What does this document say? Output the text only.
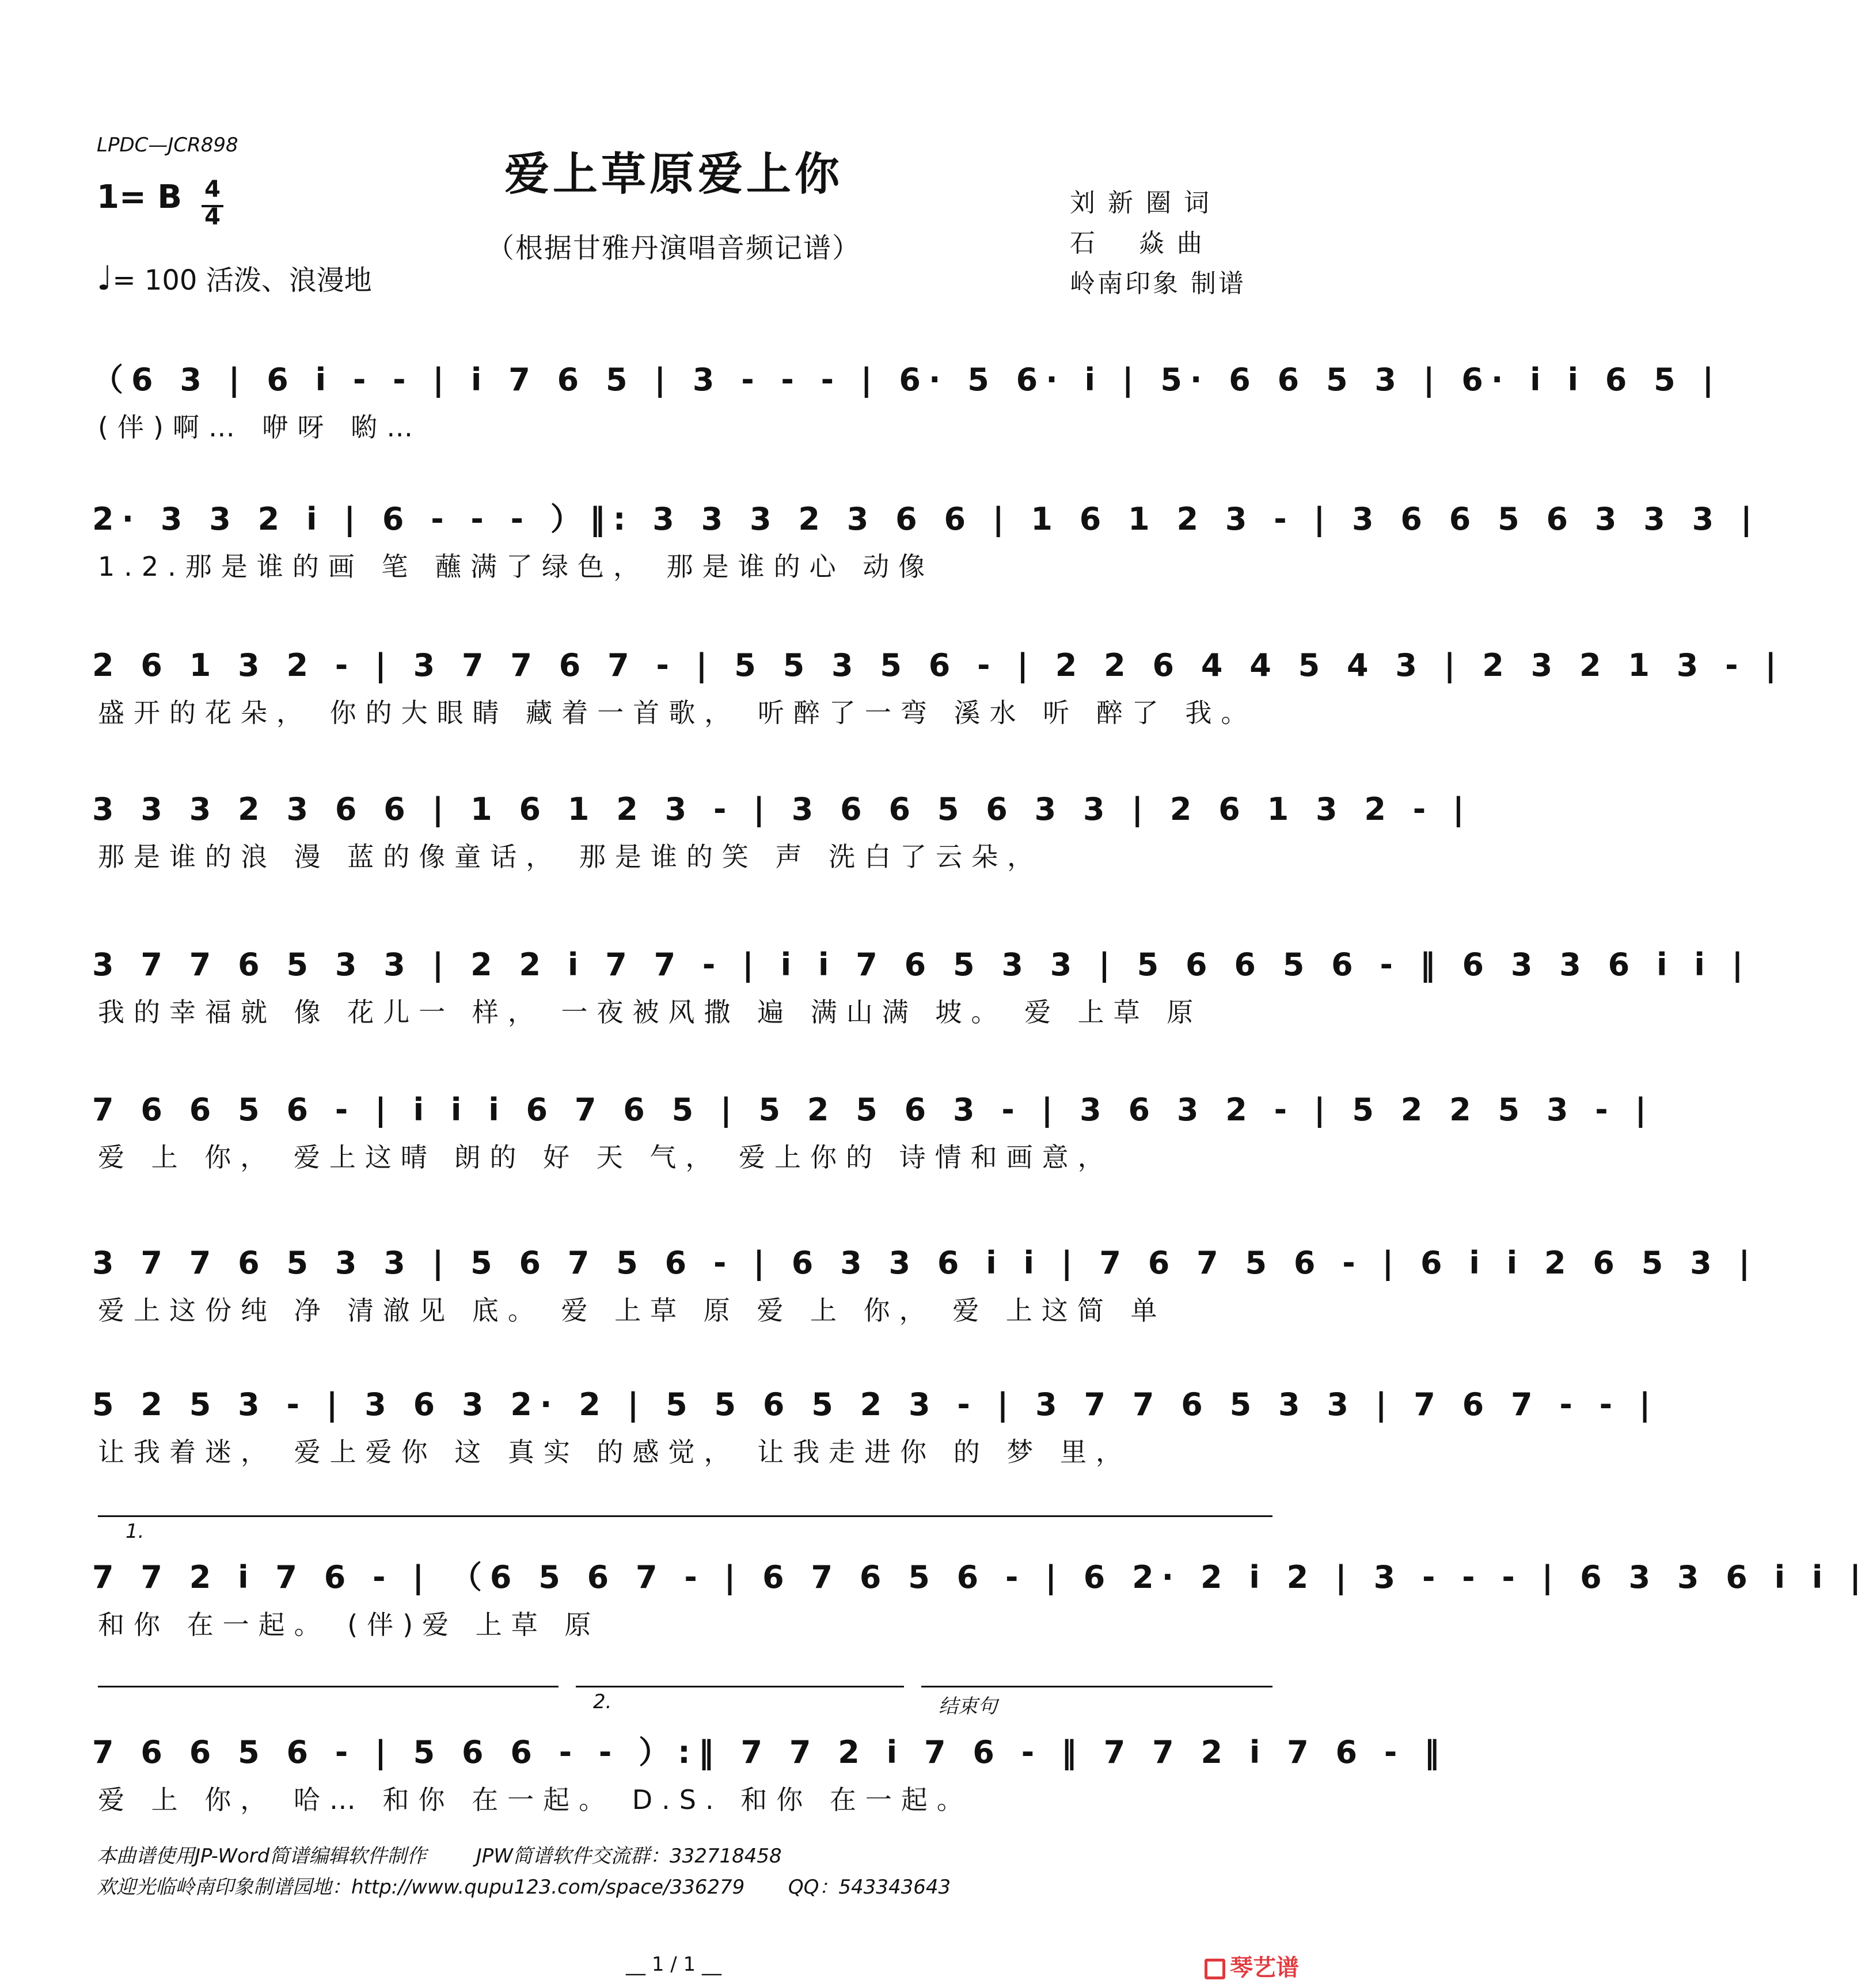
LPDC—JCR898
爱上草原爱上你
（根据甘雅丹演唱音频记谱）
1= B 4
4
♩= 100 活泼、浪漫地
刘 新 圈 词
石    焱 曲
岭南印象 制谱
（6 3 | 6 i - - | i 7 6 5 | 3 - - - | 6· 5 6· i | 5· 6 6 5 3 | 6· i i 6 5 |
(伴)啊… 咿呀 喲…
2· 3 3 2 i | 6 - - - ）‖: 3 3 3 2 3 6 6 | 1 6 1 2 3 - | 3 6 6 5 6 3 3 3 |
1.2.那是谁的画 笔 蘸满了绿色， 那是谁的心 动像
2 6 1 3 2 - | 3 7 7 6 7 - | 5 5 3 5 6 - | 2 2 6 4 4 5 4 3 | 2 3 2 1 3 - |
盛开的花朵， 你的大眼睛 藏着一首歌， 听醉了一弯 溪水 听 醉了 我。
3 3 3 2 3 6 6 | 1 6 1 2 3 - | 3 6 6 5 6 3 3 | 2 6 1 3 2 - |
那是谁的浪 漫 蓝的像童话， 那是谁的笑 声 洗白了云朵，
3 7 7 6 5 3 3 | 2 2 i 7 7 - | i i 7 6 5 3 3 | 5 6 6 5 6 - ‖ 6 3 3 6 i i |
我的幸福就 像 花儿一 样， 一夜被风撒 遍 满山满 坡。 爱 上草 原
7 6 6 5 6 - | i i i 6 7 6 5 | 5 2 5 6 3 - | 3 6 3 2 - | 5 2 2 5 3 - |
爱 上 你， 爱上这晴 朗的 好 天 气， 爱上你的 诗情和画意，
3 7 7 6 5 3 3 | 5 6 7 5 6 - | 6 3 3 6 i i | 7 6 7 5 6 - | 6 i i 2 6 5 3 |
爱上这份纯 净 清澈见 底。 爱 上草 原 爱 上 你， 爱 上这简 单
5 2 5 3 - | 3 6 3 2· 2 | 5 5 6 5 2 3 - | 3 7 7 6 5 3 3 | 7 6 7 - - |
让我着迷， 爱上爱你 这 真实 的感觉， 让我走进你 的 梦 里，
1.
7 7 2 i 7 6 - | （6 5 6 7 - | 6 7 6 5 6 - | 6 2· 2 i 2 | 3 - - - | 6 3 3 6 i i |
和你 在一起。 (伴)爱 上草 原
2.	结束句
7 6 6 5 6 - | 5 6 6 - - ）:‖ 7 7 2 i 7 6 - ‖ 7 7 2 i 7 6 - ‖
爱 上 你， 哈… 和你 在一起。 D.S. 和你 在一起。
本曲谱使用JP-Word简谱编辑软件制作        JPW简谱软件交流群：332718458
欢迎光临岭南印象制谱园地：http://www.qupu123.com/space/336279       QQ：543343643
__ 1 / 1 __	琴艺谱
